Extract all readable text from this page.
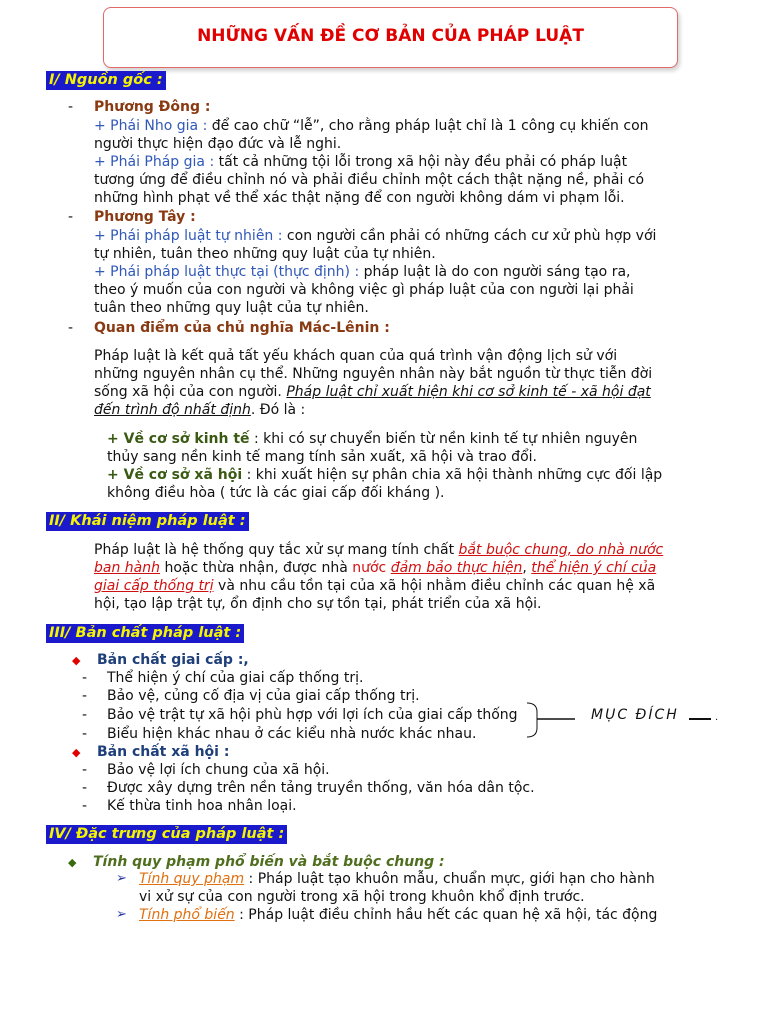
NHỮNG VẤN ĐỀ CƠ BẢN CỦA PHÁP LUẬT
I/ Nguồn gốc :
- Phương Đông :
+ Phái Nho gia : để cao chữ “lễ”, cho rằng pháp luật chỉ là 1 công cụ khiến con
người thực hiện đạo đức và lễ nghi.
+ Phái Pháp gia : tất cả những tội lỗi trong xã hội này đều phải có pháp luật
tương ứng để điều chỉnh nó và phải điều chỉnh một cách thật nặng nề, phải có
những hình phạt về thể xác thật nặng để con người không dám vi phạm lỗi.
- Phương Tây :
+ Phái pháp luật tự nhiên : con người cần phải có những cách cư xử phù hợp với
tự nhiên, tuân theo những quy luật của tự nhiên.
+ Phái pháp luật thực tại (thực định) : pháp luật là do con người sáng tạo ra,
theo ý muốn của con người và không việc gì pháp luật của con người lại phải
tuân theo những quy luật của tự nhiên.
- Quan điểm của chủ nghĩa Mác-Lênin :
Pháp luật là kết quả tất yếu khách quan của quá trình vận động lịch sử với
những nguyên nhân cụ thể. Những nguyên nhân này bắt nguồn từ thực tiễn đời
sống xã hội của con người. Pháp luật chỉ xuất hiện khi cơ sở kinh tế - xã hội đạt
đến trình độ nhất định. Đó là :
+ Về cơ sở kinh tế : khi có sự chuyển biến từ nền kinh tế tự nhiên nguyên
thủy sang nền kinh tế mang tính sản xuất, xã hội và trao đổi.
+ Về cơ sở xã hội : khi xuất hiện sự phân chia xã hội thành những cực đối lập
không điều hòa ( tức là các giai cấp đối kháng ).
II/ Khái niệm pháp luật :
Pháp luật là hệ thống quy tắc xử sự mang tính chất bắt buộc chung, do nhà nước
ban hành hoặc thừa nhận, được nhà nước đảm bảo thực hiện, thể hiện ý chí của
giai cấp thống trị và nhu cầu tồn tại của xã hội nhằm điều chỉnh các quan hệ xã
hội, tạo lập trật tự, ổn định cho sự tồn tại, phát triển của xã hội.
III/ Bản chất pháp luật :
◆ Bản chất giai cấp :,
- Thể hiện ý chí của giai cấp thống trị.
- Bảo vệ, củng cố địa vị của giai cấp thống trị.
- Bảo vệ trật tự xã hội phù hợp với lợi ích của giai cấp thống
- Biểu hiện khác nhau ở các kiểu nhà nước khác nhau.
.
MỤC ĐÍCH
◆ Bản chất xã hội :
- Bảo vệ lợi ích chung của xã hội.
- Được xây dựng trên nền tảng truyền thống, văn hóa dân tộc.
- Kế thừa tinh hoa nhân loại.
IV/ Đặc trưng của pháp luật :
◆ Tính quy phạm phổ biến và bắt buộc chung :
➢ Tính quy phạm : Pháp luật tạo khuôn mẫu, chuẩn mực, giới hạn cho hành
vi xử sự của con người trong xã hội trong khuôn khổ định trước.
➢ Tính phổ biến : Pháp luật điều chỉnh hầu hết các quan hệ xã hội, tác động
